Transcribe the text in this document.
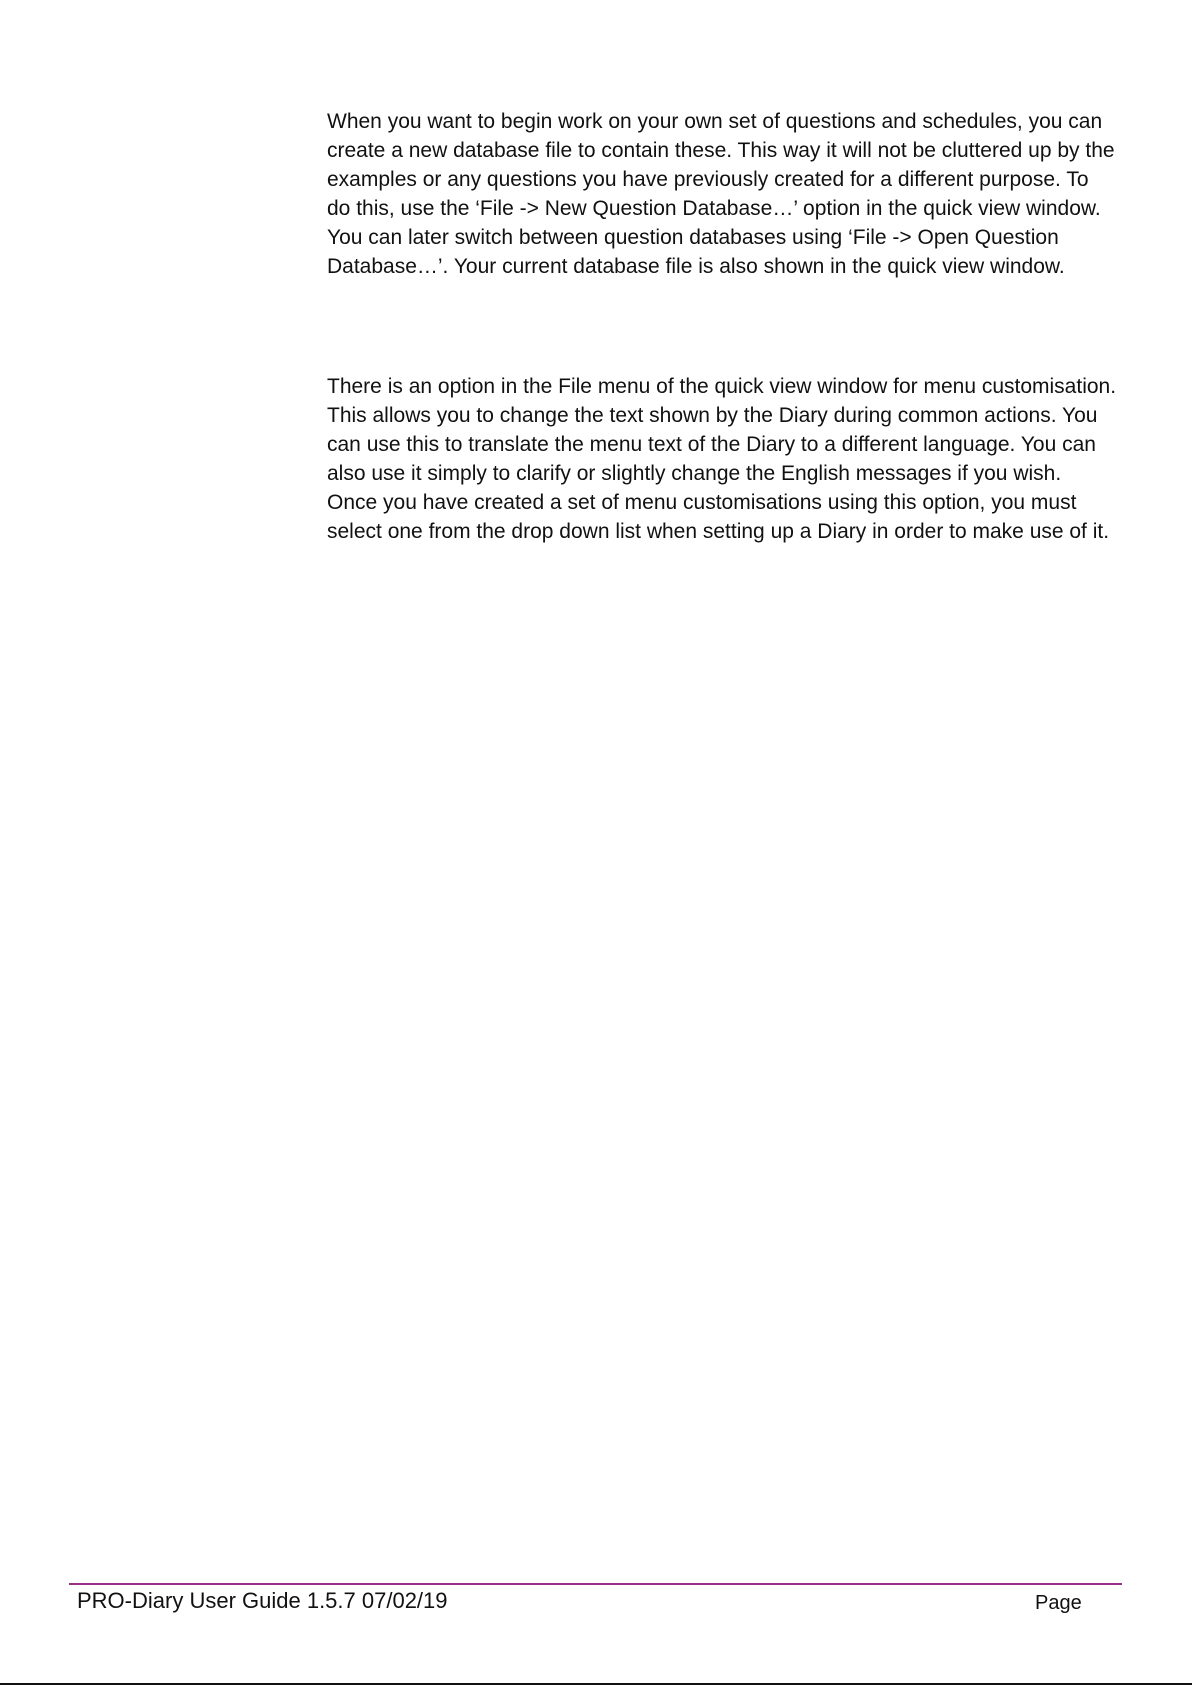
When you want to begin work on your own set of questions and schedules, you can create a new database file to contain these. This way it will not be cluttered up by the examples or any questions you have previously created for a different purpose. To do this, use the ‘File -> New Question Database…’ option in the quick view window. You can later switch between question databases using ‘File -> Open Question Database…’. Your current database file is also shown in the quick view window.

There is an option in the File menu of the quick view window for menu customisation. This allows you to change the text shown by the Diary during common actions. You can use this to translate the menu text of the Diary to a different language. You can also use it simply to clarify or slightly change the English messages if you wish. Once you have created a set of menu customisations using this option, you must select one from the drop down list when setting up a Diary in order to make use of it.

PRO-Diary User Guide 1.5.7 07/02/19	Page
